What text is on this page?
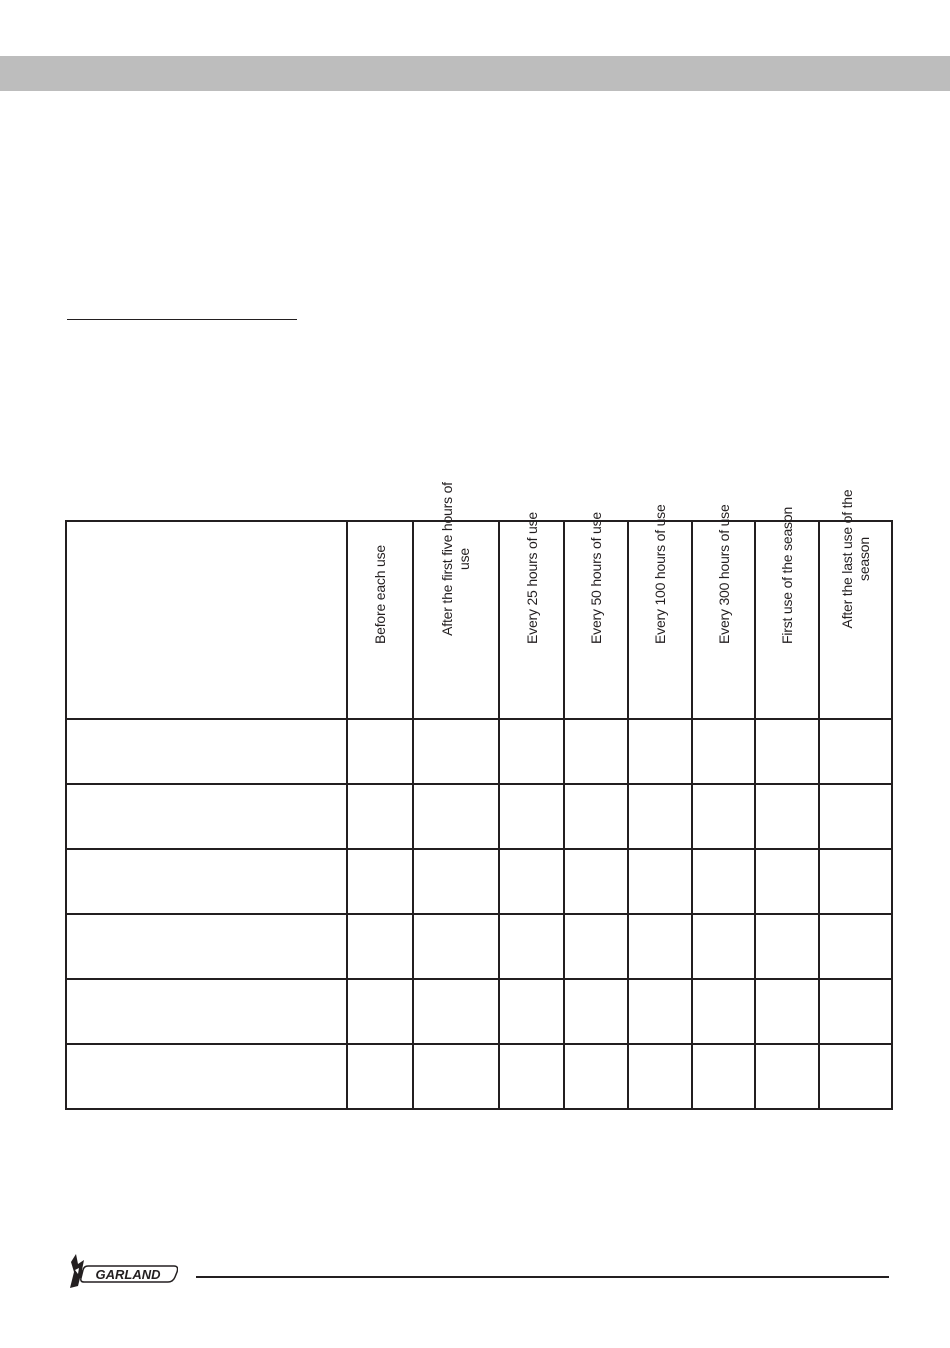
	Before each use	After the first five hours of use	Every 25 hours of use	Every 50 hours of use	Every 100 hours of use	Every 300 hours of use	First use of the season	After the last use of the season

GARLAND
